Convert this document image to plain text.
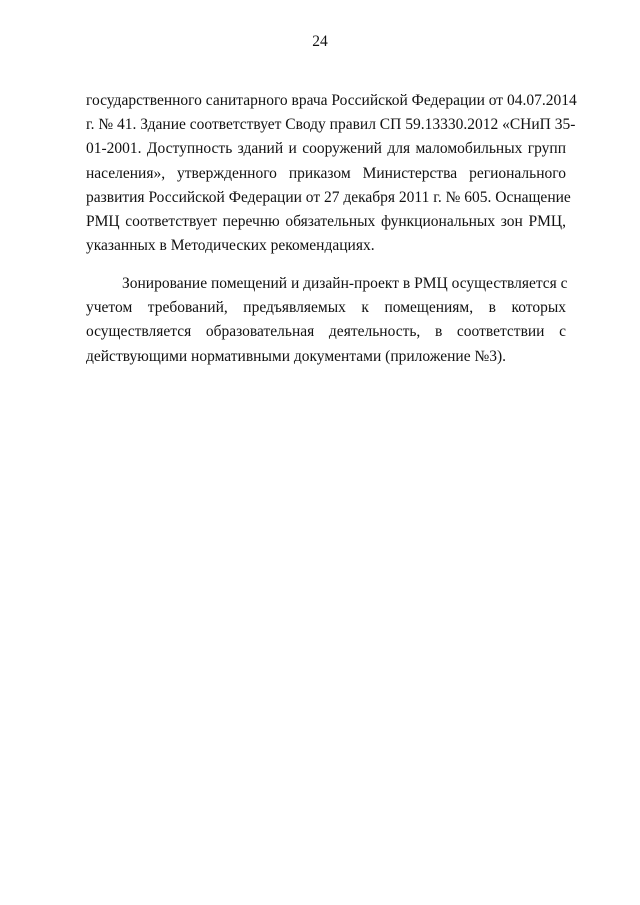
24
государственного санитарного врача Российской Федерации от 04.07.2014
г. № 41. Здание соответствует Своду правил СП 59.13330.2012 «СНиП 35-
01-2001. Доступность зданий и сооружений для маломобильных групп
населения», утвержденного приказом Министерства регионального
развития Российской Федерации от 27 декабря 2011 г. № 605. Оснащение
РМЦ соответствует перечню обязательных функциональных зон РМЦ,
указанных в Методических рекомендациях.
Зонирование помещений и дизайн-проект в РМЦ осуществляется с
учетом требований, предъявляемых к помещениям, в которых
осуществляется образовательная деятельность, в соответствии с
действующими нормативными документами (приложение №3).
